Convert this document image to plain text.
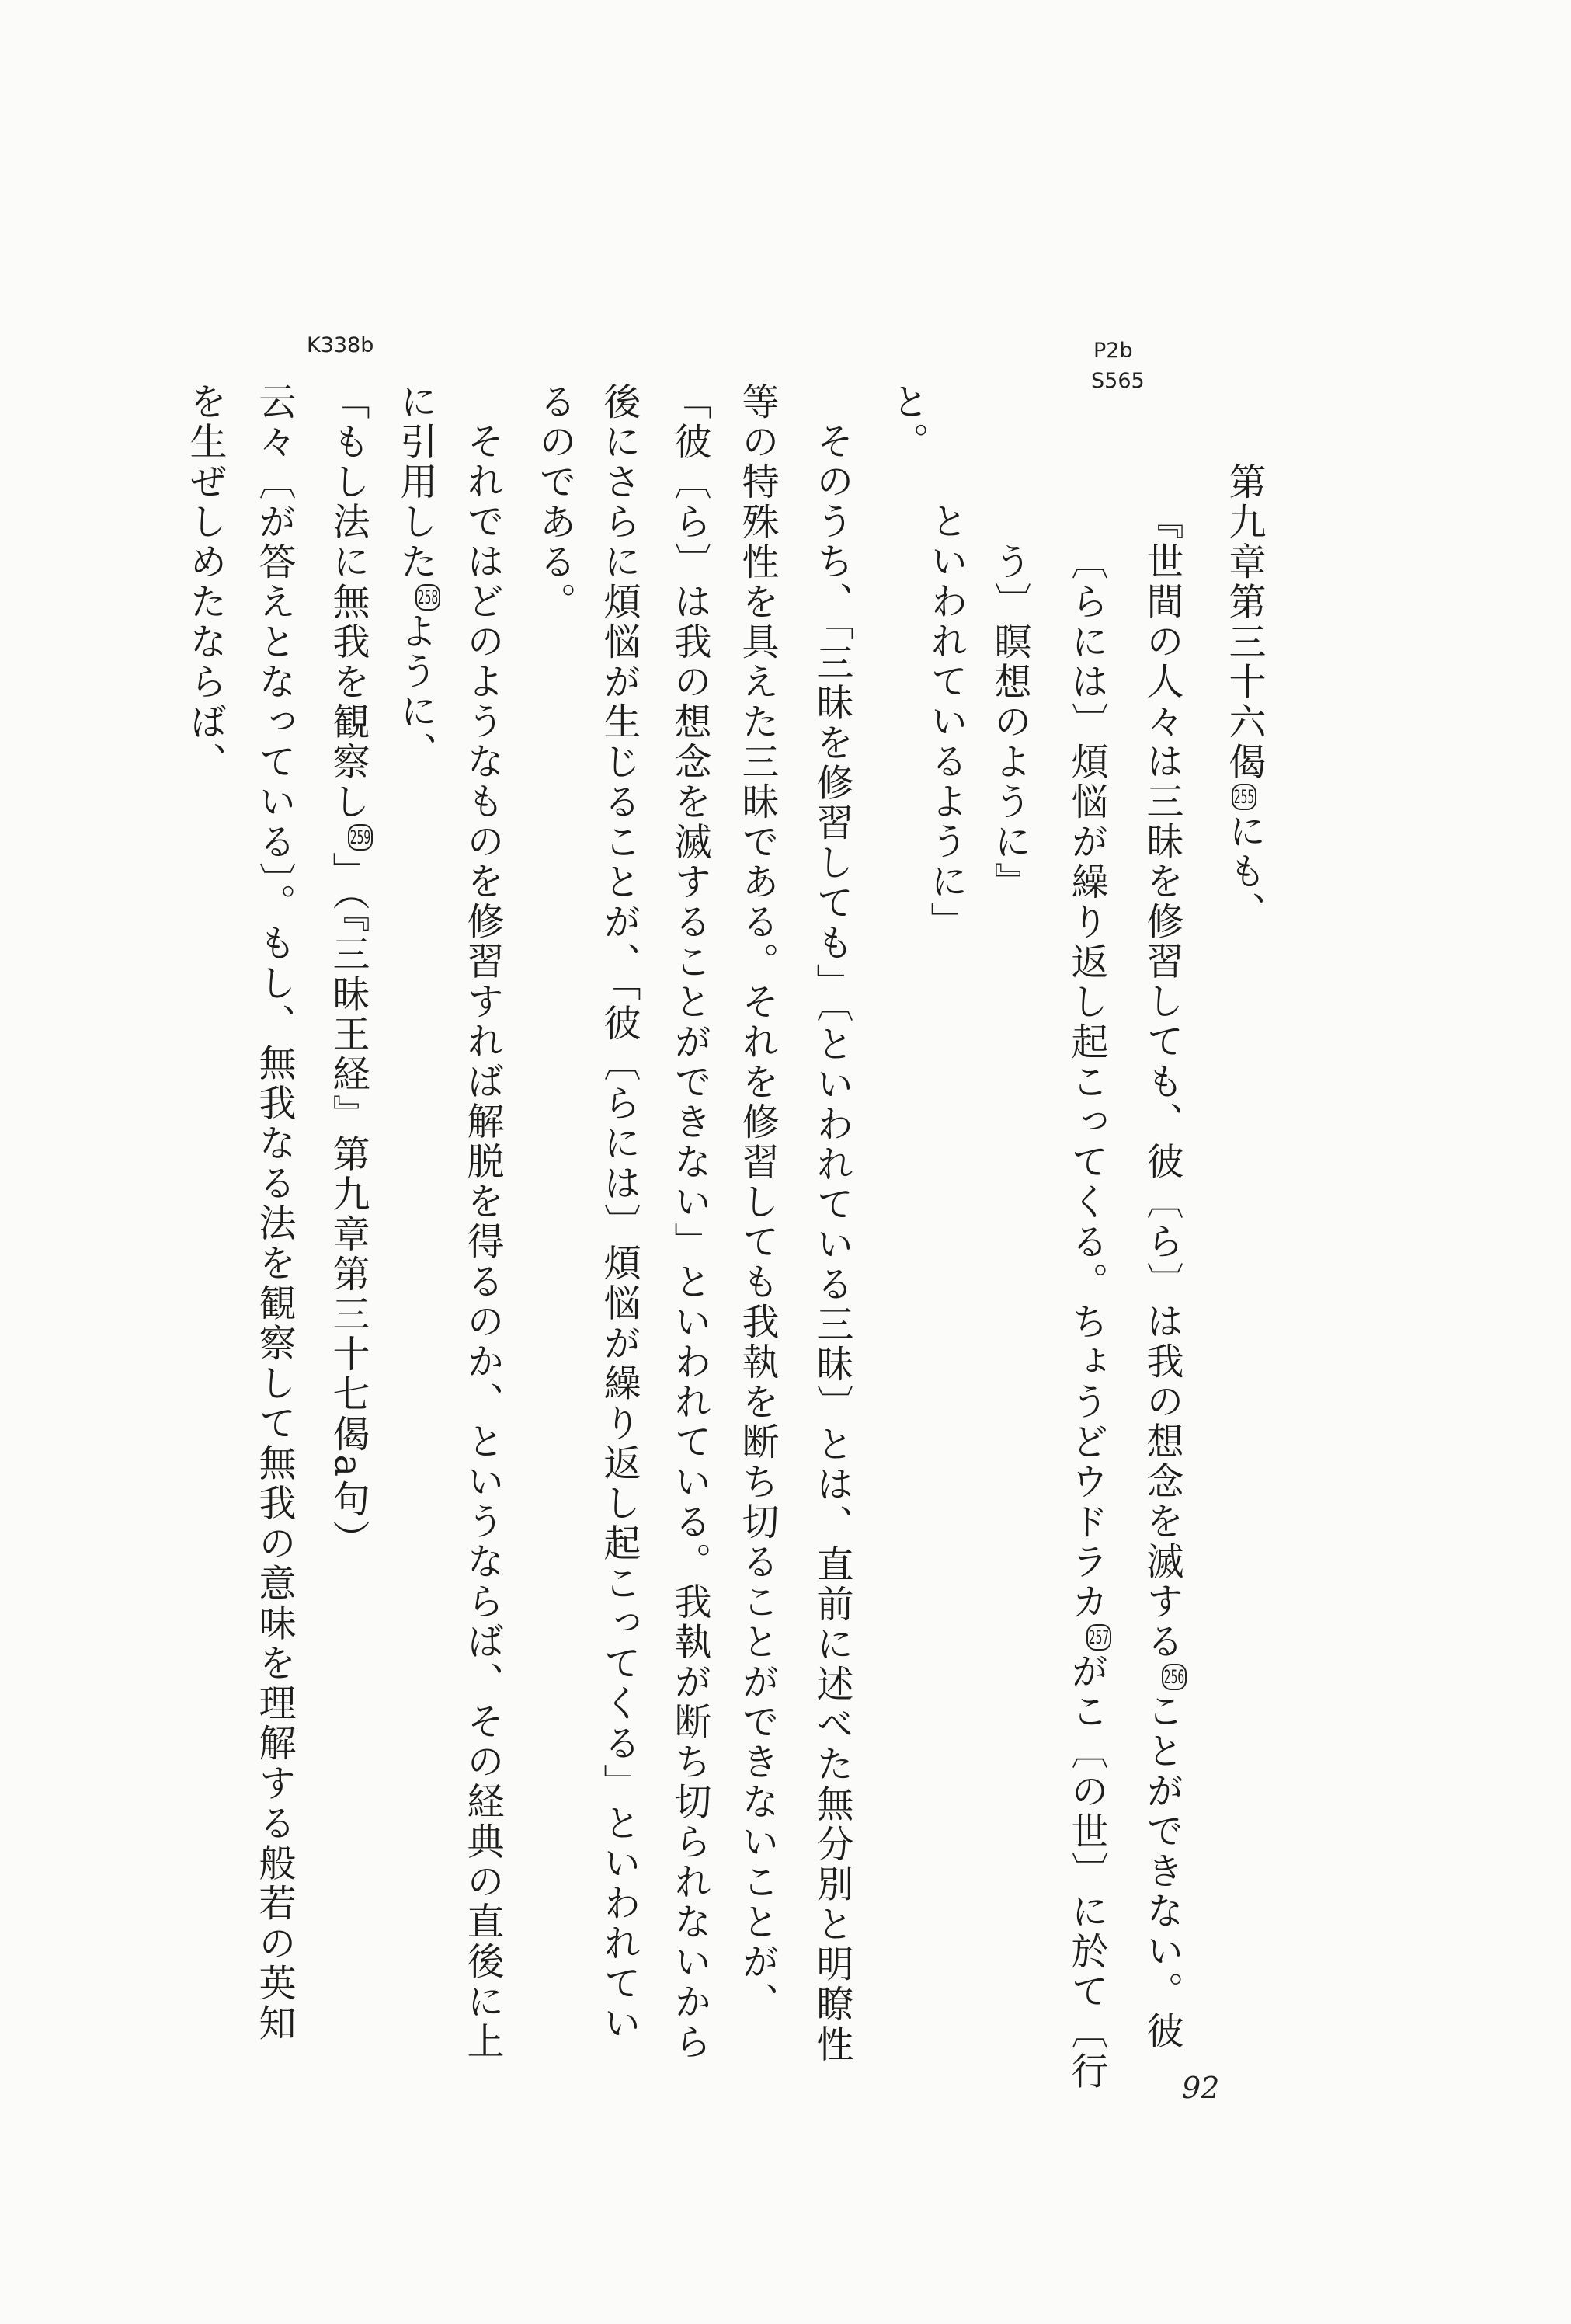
P2b
S565
K338b
第九章第三十六偈255にも、
『世間の人々は三昧を修習しても、彼〔ら〕は我の想念を滅する256ことができない。彼
〔らには〕煩悩が繰り返し起こってくる。ちょうどウドラカ257がこ〔の世〕に於て〔行
う〕瞑想のように』
といわれているように」
と。
そのうち、「三昧を修習しても」〔といわれている三昧〕とは、直前に述べた無分別と明瞭性
等の特殊性を具えた三昧である。それを修習しても我執を断ち切ることができないことが、
「彼〔ら〕は我の想念を滅することができない」といわれている。我執が断ち切られないから
後にさらに煩悩が生じることが、「彼〔らには〕煩悩が繰り返し起こってくる」といわれてい
るのである。
それではどのようなものを修習すれば解脱を得るのか、というならば、その経典の直後に上
に引用した258ように、
「もし法に無我を観察し259」（『三昧王経』第九章第三十七偈a句）
云々〔が答えとなっている〕。もし、無我なる法を観察して無我の意味を理解する般若の英知
を生ぜしめたならば、
92
